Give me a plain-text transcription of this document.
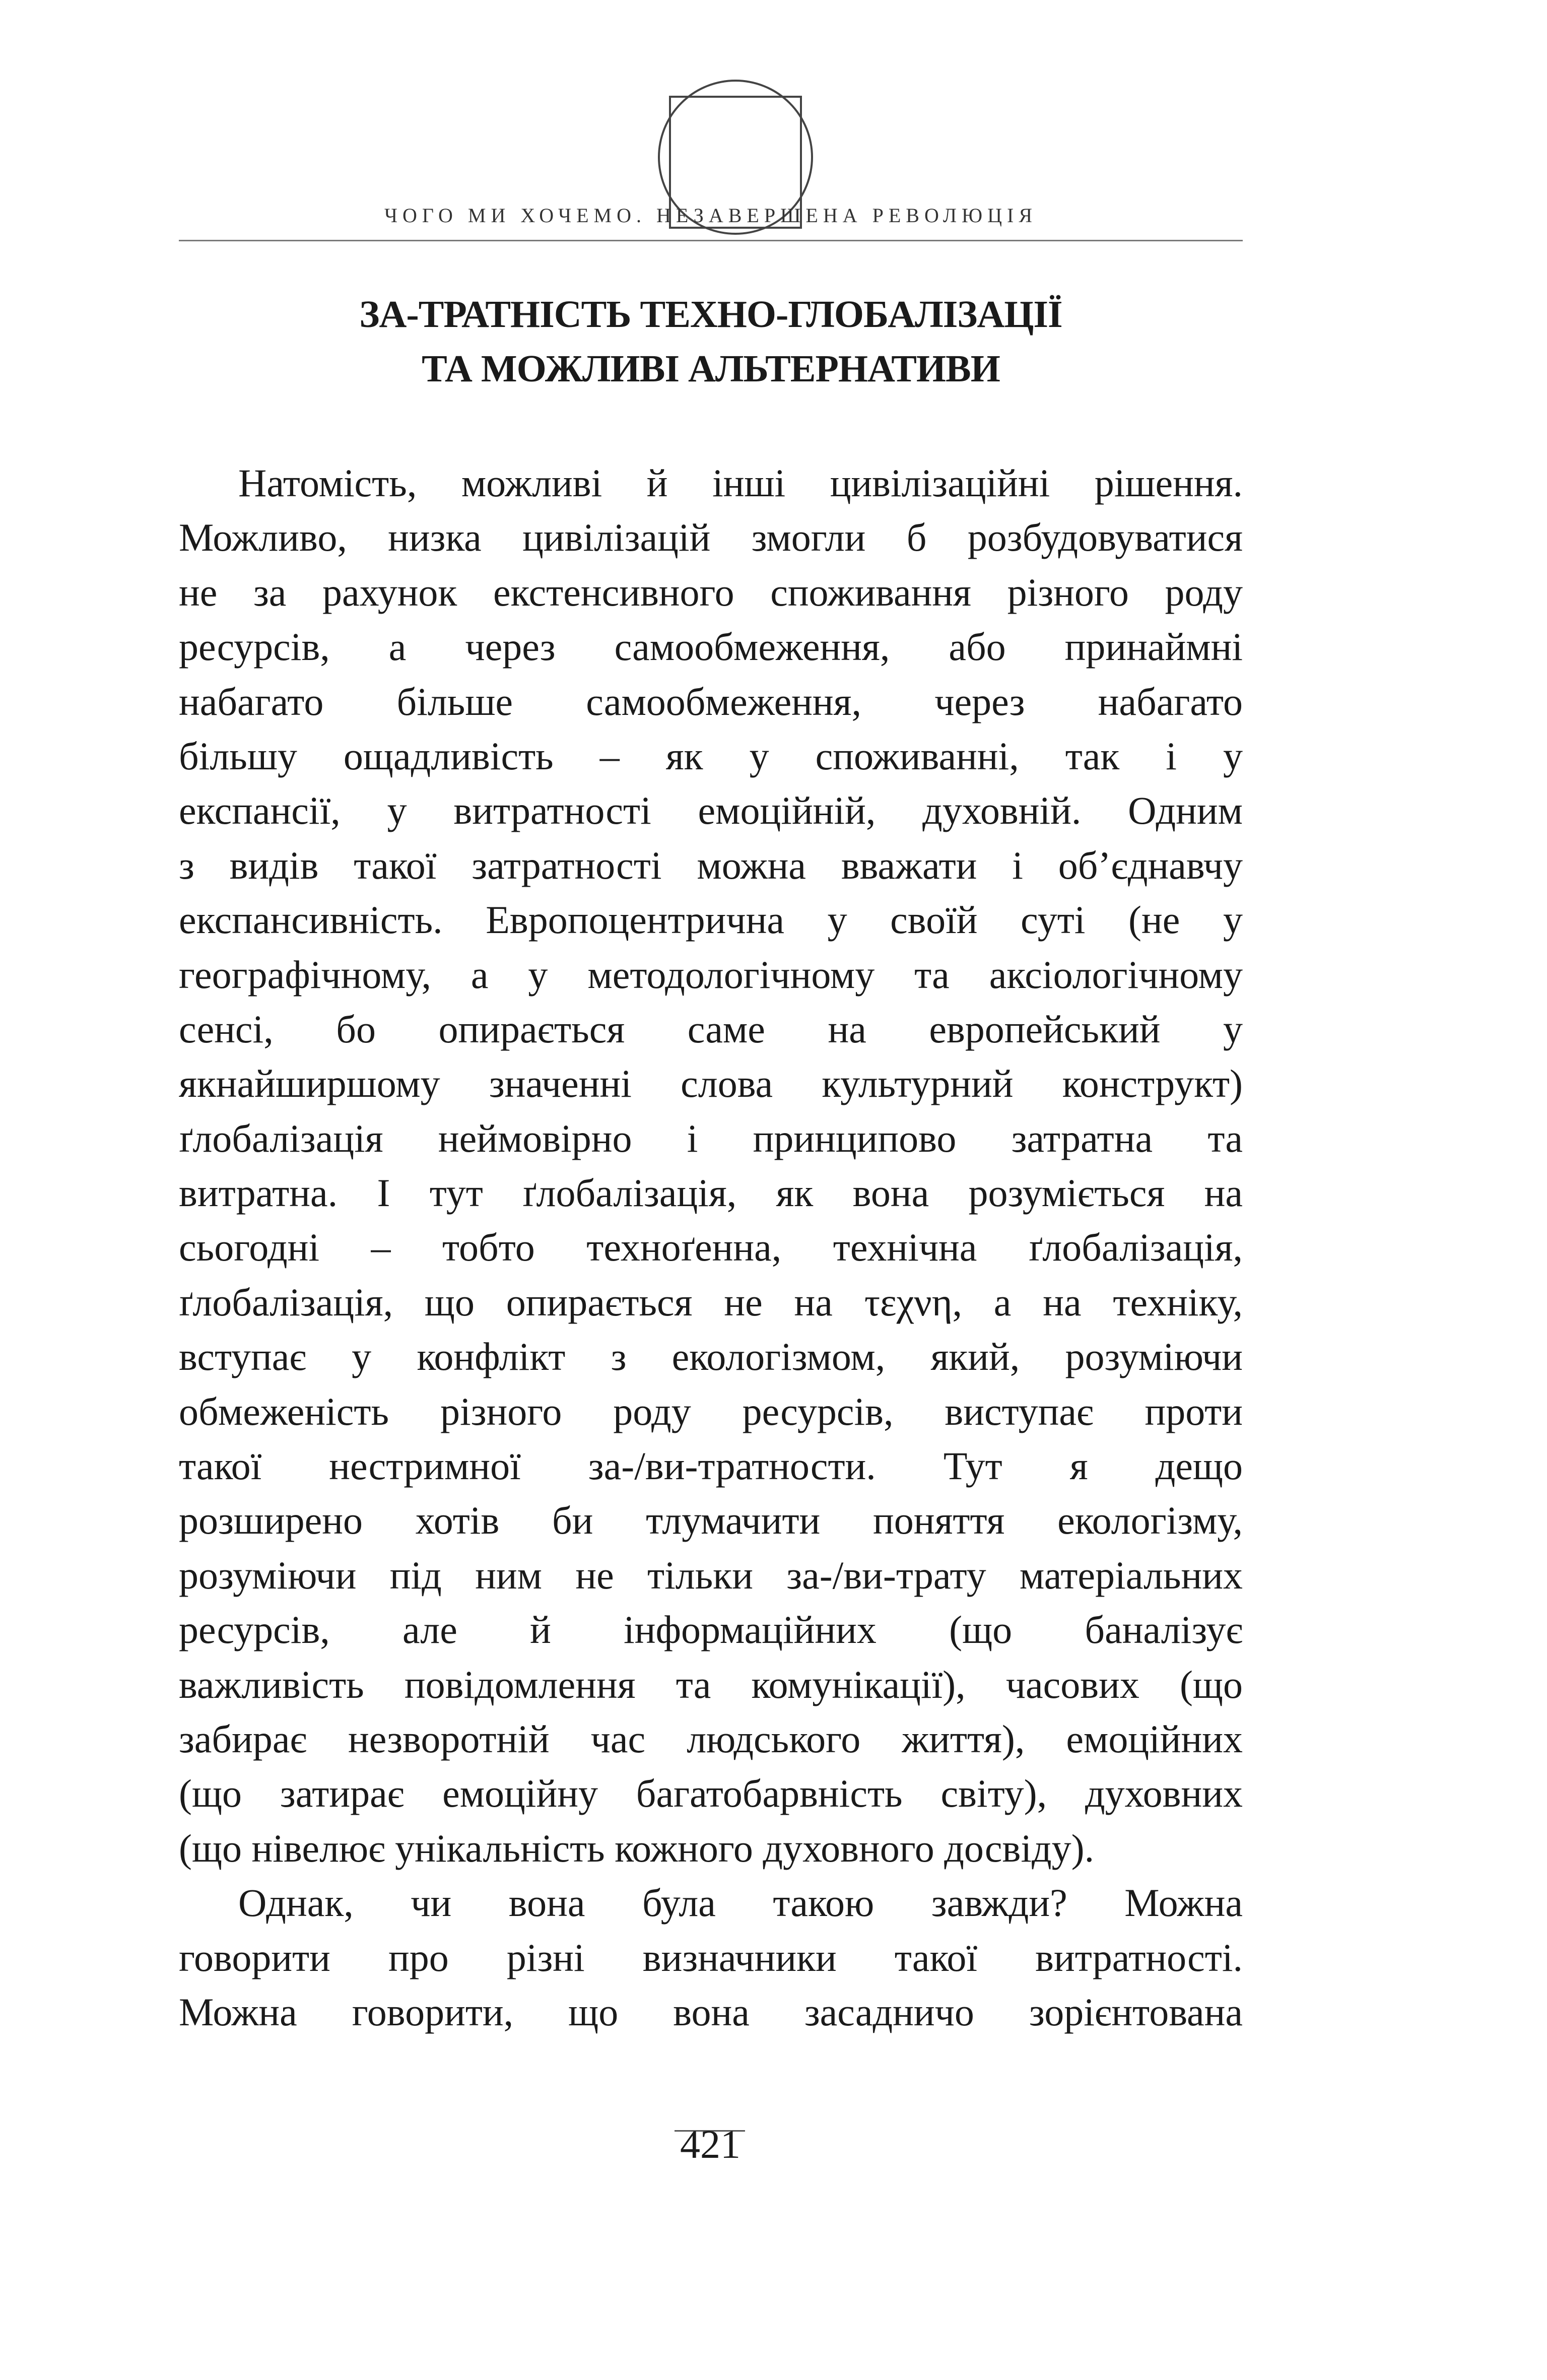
ЧОГО МИ ХОЧЕМО. НЕЗАВЕРШЕНА РЕВОЛЮЦІЯ
ЗА-ТРАТНІСТЬ ТЕХНО-ГЛОБАЛІЗАЦІЇ
ТА МОЖЛИВІ АЛЬТЕРНАТИВИ
Натомість, можливі й інші цивілізаційні рішення.
Можливо, низка цивілізацій змогли б розбудовуватися
не за рахунок екстенсивного споживання різного роду
ресурсів, а через самообмеження, або принаймні
набагато більше самообмеження, через набагато
більшу ощадливість – як у споживанні, так і у
експансії, у витратності емоційній, духовній. Одним
з видів такої затратності можна вважати і об’єднавчу
експансивність. Европоцентрична у своїй суті (не у
географічному, а у методологічному та аксіологічному
сенсі, бо опирається саме на европейський у
якнайширшому значенні слова культурний конструкт)
ґлобалізація неймовірно і принципово затратна та
витратна. І тут ґлобалізація, як вона розуміється на
сьогодні – тобто техноґенна, технічна ґлобалізація,
ґлобалізація, що опирається не на τεχνη, а на техніку,
вступає у конфлікт з екологізмом, який, розуміючи
обмеженість різного роду ресурсів, виступає проти
такої нестримної за-/ви-тратности. Тут я дещо
розширено хотів би тлумачити поняття екологізму,
розуміючи під ним не тільки за-/ви-трату матеріальних
ресурсів, але й інформаційних (що баналізує
важливість повідомлення та комунікації), часових (що
забирає незворотній час людського життя), емоційних
(що затирає емоційну багатобарвність світу), духовних
(що нівелює унікальність кожного духовного досвіду).
Однак, чи вона була такою завжди? Можна
говорити про різні визначники такої витратності.
Можна говорити, що вона засадничо зорієнтована
421
